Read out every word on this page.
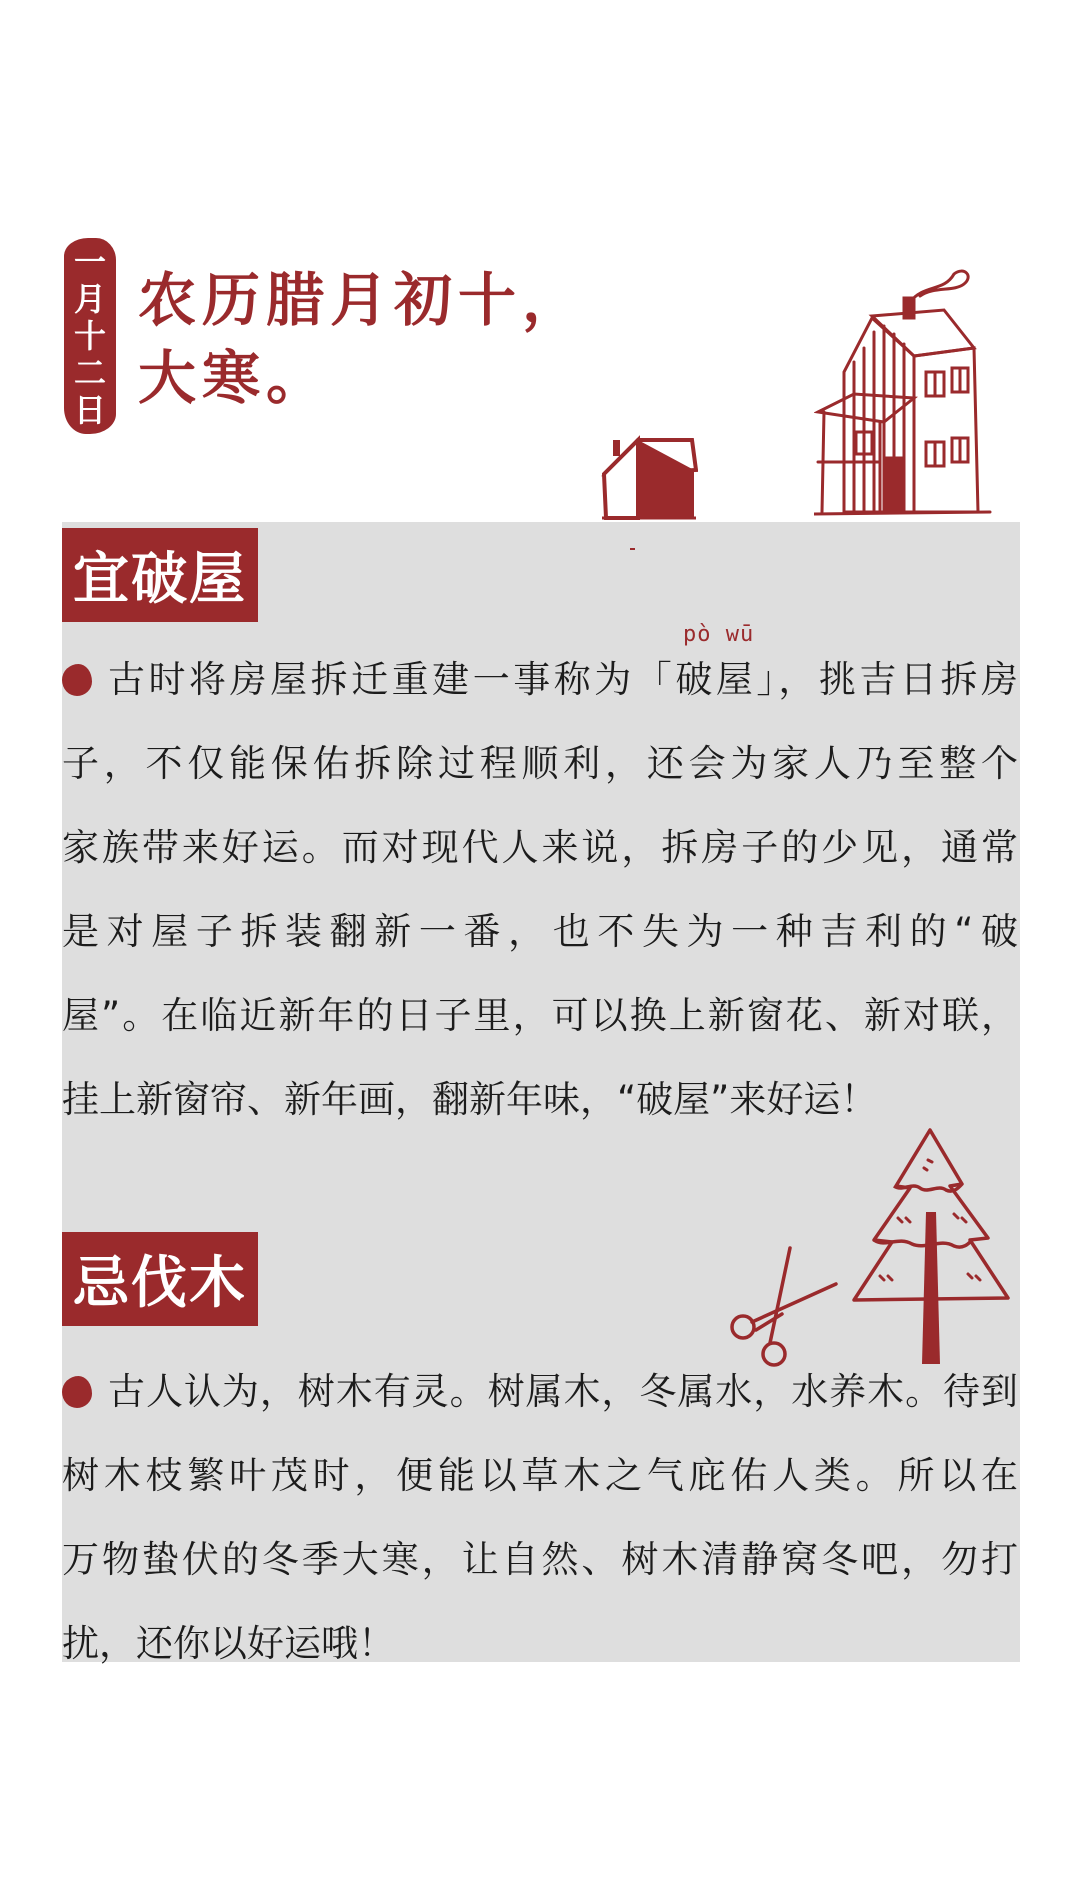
一
月
十
二
日
农历腊月初十，
大寒。
宜破屋
pò wū
古时将房屋拆迁重建一事称为「破屋」，挑吉日拆房
子，不仅能保佑拆除过程顺利，还会为家人乃至整个
家族带来好运。而对现代人来说，拆房子的少见，通常
是对屋子拆装翻新一番，也不失为一种吉利的“破
屋”。在临近新年的日子里，可以换上新窗花、新对联，
挂上新窗帘、新年画，翻新年味，“破屋”来好运！
忌伐木
古人认为，树木有灵。树属木，冬属水，水养木。待到
树木枝繁叶茂时，便能以草木之气庇佑人类。所以在
万物蛰伏的冬季大寒，让自然、树木清静窝冬吧，勿打
扰，还你以好运哦！
